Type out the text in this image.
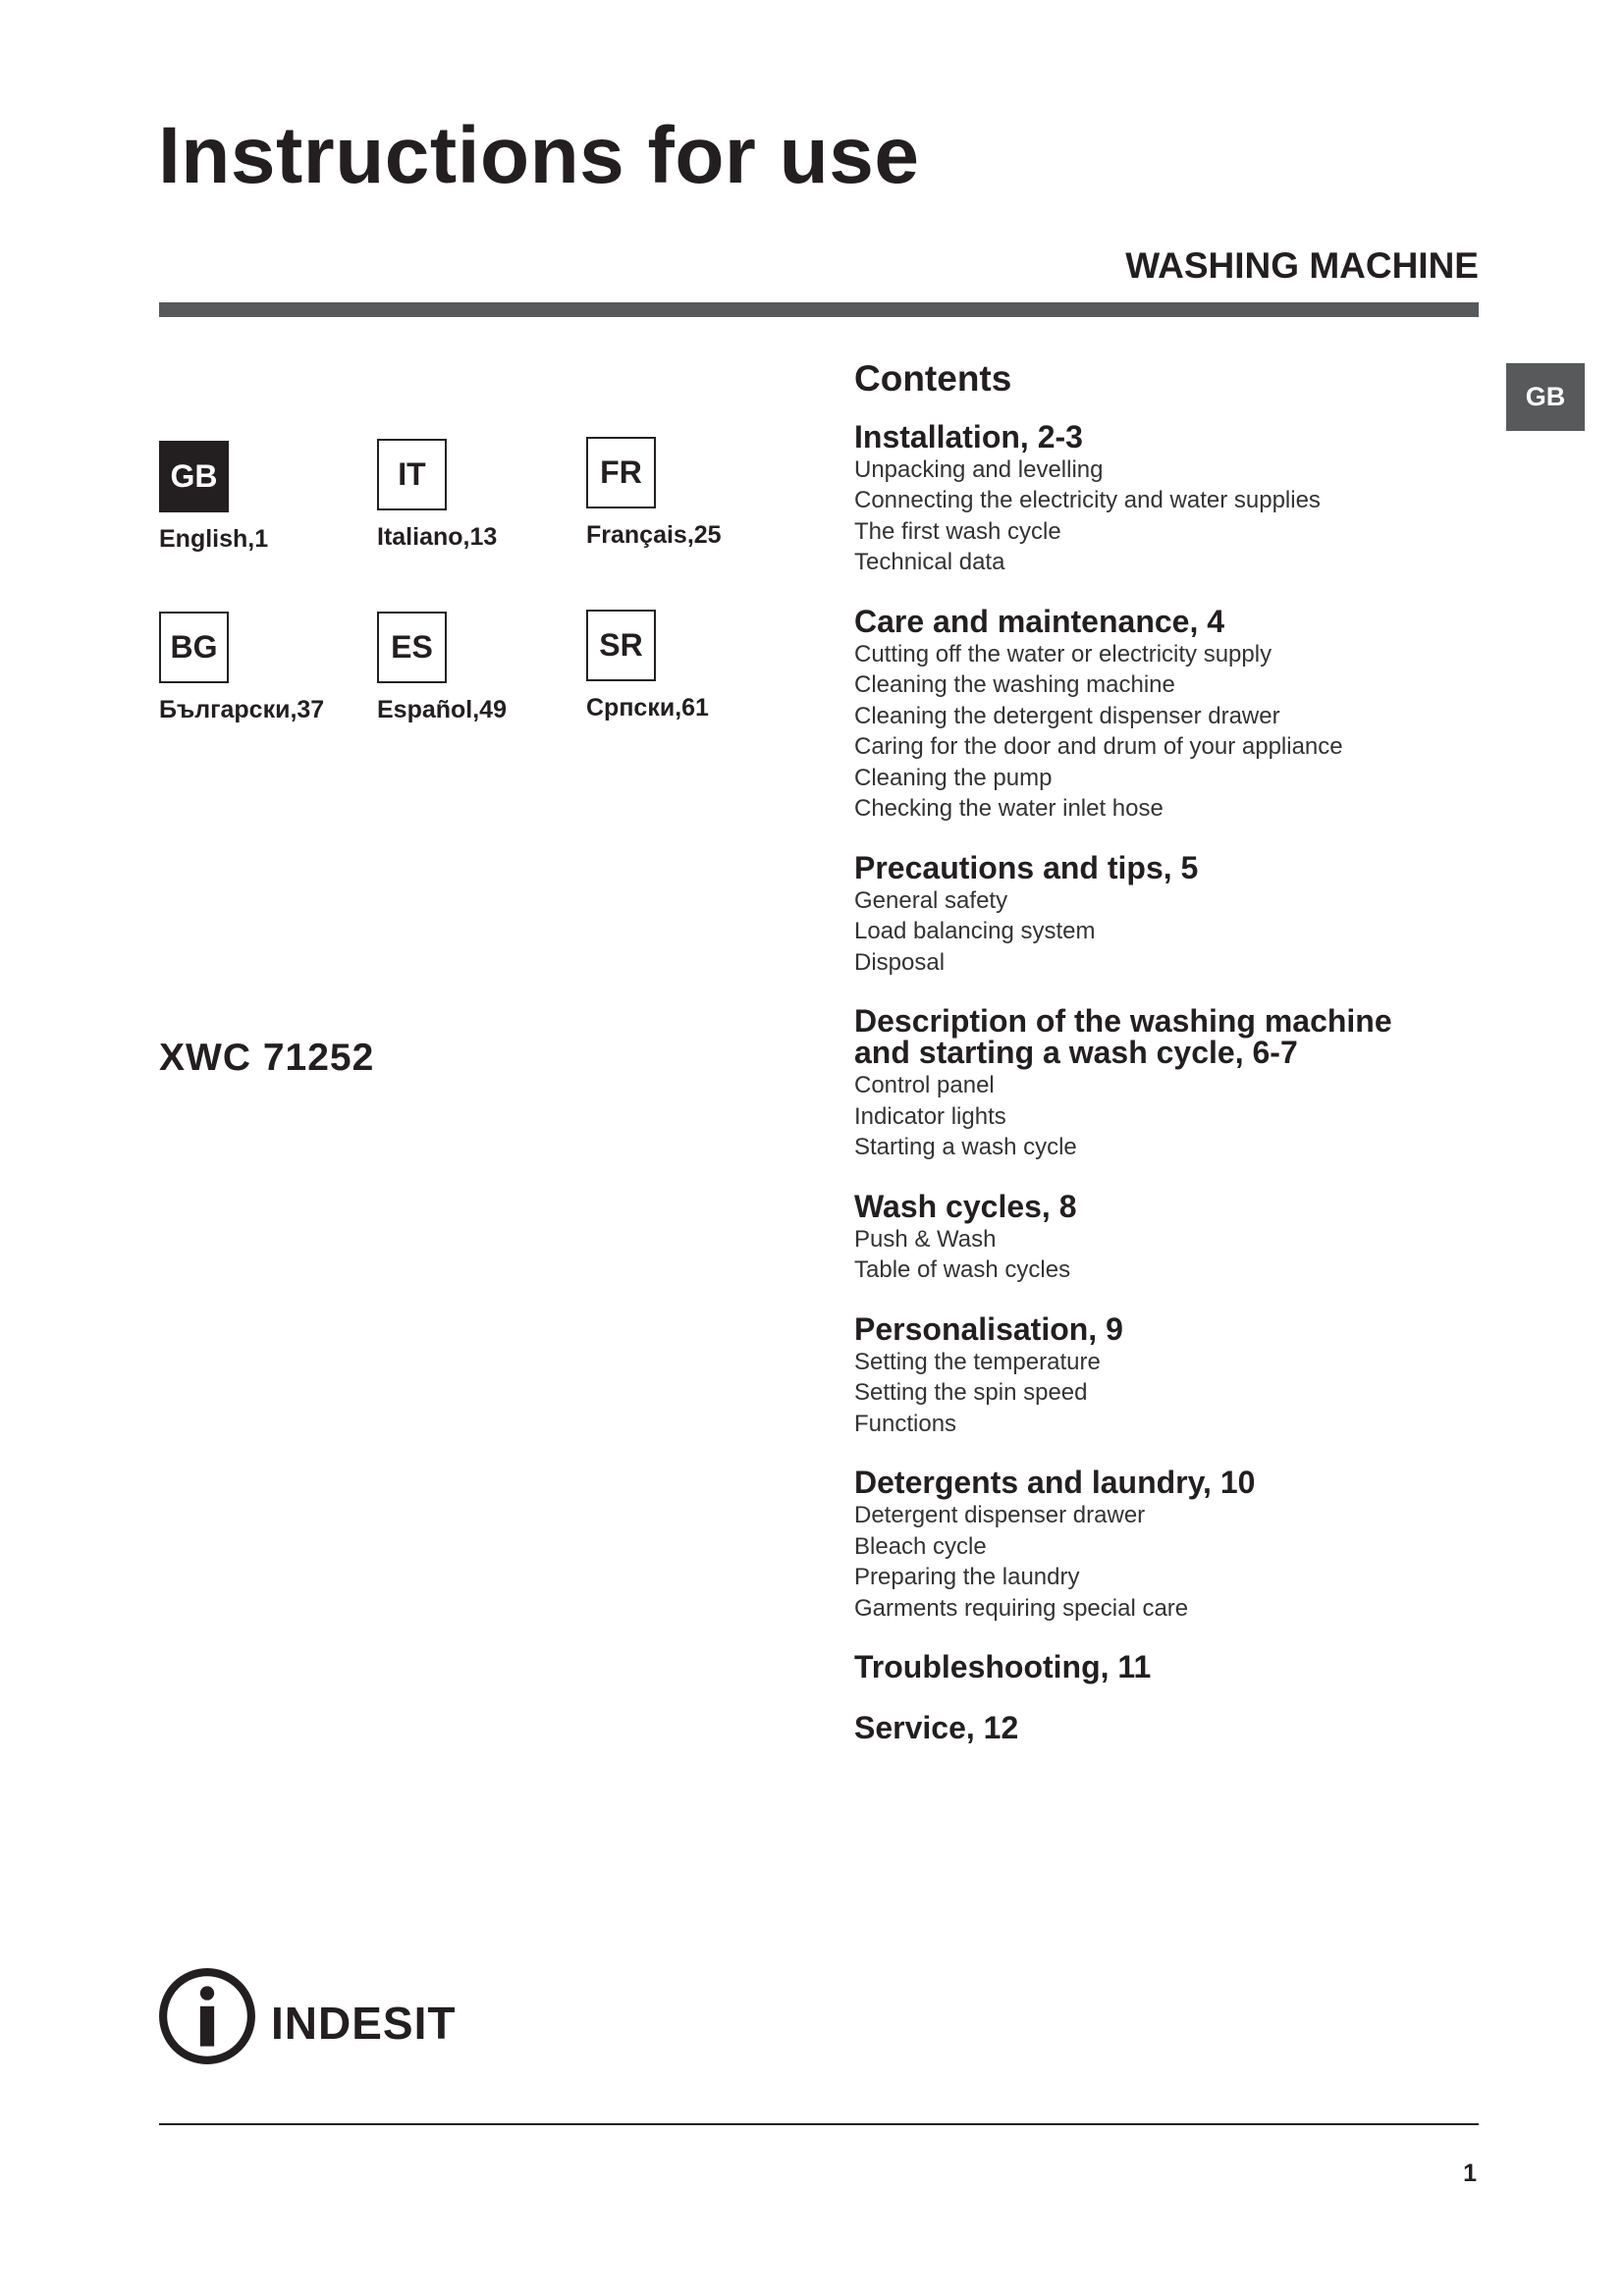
Instructions for use
WASHING MACHINE
GB
GB
English,1
IT
Italiano,13
FR
Français,25
BG
Български,37
ES
Español,49
SR
Српски,61
XWC 71252
Contents
Installation, 2-3
Unpacking and levelling
Connecting the electricity and water supplies
The first wash cycle
Technical data
Care and maintenance, 4
Cutting off the water or electricity supply
Cleaning the washing machine
Cleaning the detergent dispenser drawer
Caring for the door and drum of your appliance
Cleaning the pump
Checking the water inlet hose
Precautions and tips, 5
General safety
Load balancing system
Disposal
Description of the washing machine
and starting a wash cycle, 6-7
Control panel
Indicator lights
Starting a wash cycle
Wash cycles, 8
Push & Wash
Table of wash cycles
Personalisation, 9
Setting the temperature
Setting the spin speed
Functions
Detergents and laundry, 10
Detergent dispenser drawer
Bleach cycle
Preparing the laundry
Garments requiring special care
Troubleshooting, 11
Service, 12
indesit
1
